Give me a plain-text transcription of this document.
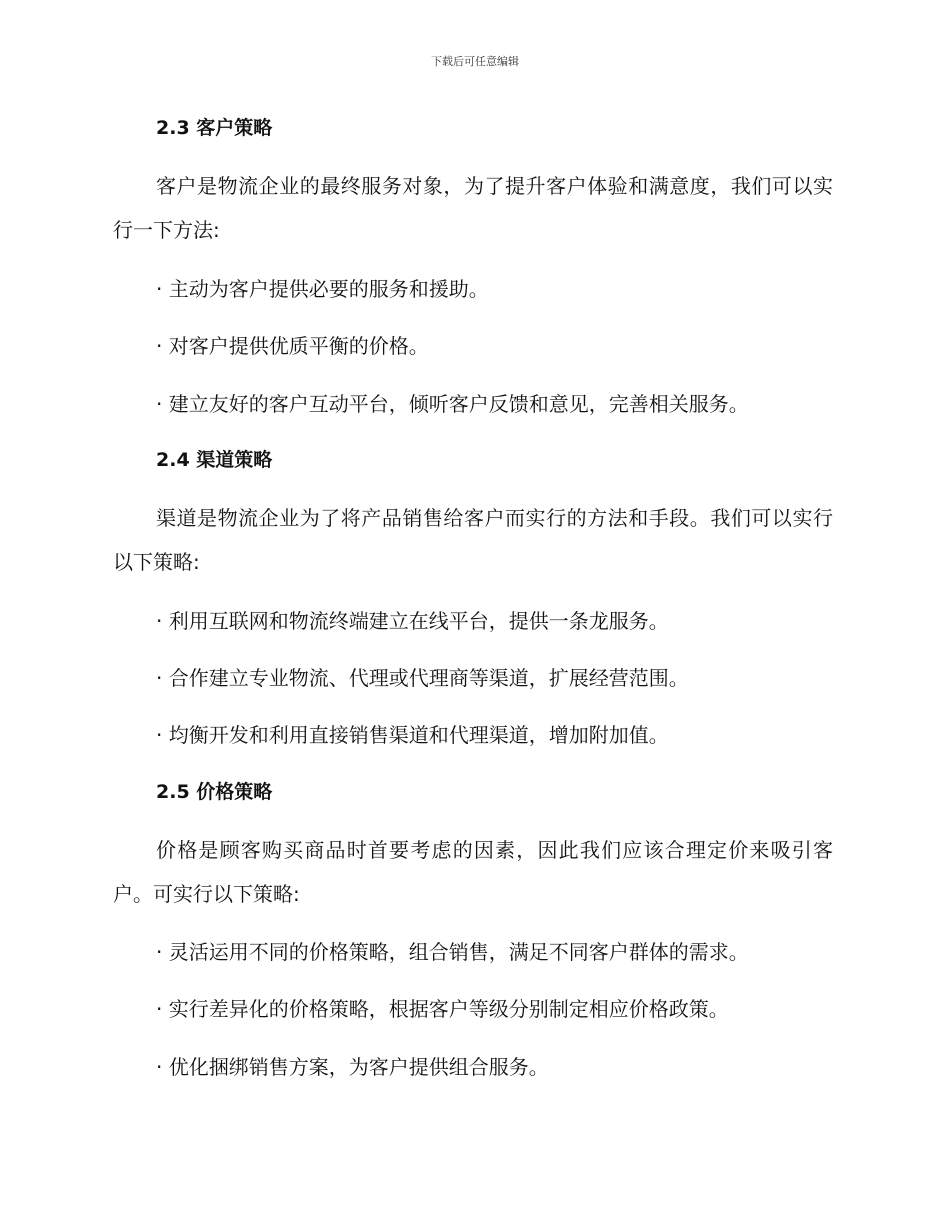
下载后可任意编辑
2.3 客户策略
客户是物流企业的最终服务对象，为了提升客户体验和满意度，我们可以实行一下方法:
· 主动为客户提供必要的服务和援助。
· 对客户提供优质平衡的价格。
· 建立友好的客户互动平台，倾听客户反馈和意见，完善相关服务。
2.4 渠道策略
渠道是物流企业为了将产品销售给客户而实行的方法和手段。我们可以实行以下策略:
· 利用互联网和物流终端建立在线平台，提供一条龙服务。
· 合作建立专业物流、代理或代理商等渠道，扩展经营范围。
· 均衡开发和利用直接销售渠道和代理渠道，增加附加值。
2.5 价格策略
价格是顾客购买商品时首要考虑的因素，因此我们应该合理定价来吸引客户。可实行以下策略:
· 灵活运用不同的价格策略，组合销售，满足不同客户群体的需求。
· 实行差异化的价格策略，根据客户等级分别制定相应价格政策。
· 优化捆绑销售方案，为客户提供组合服务。
